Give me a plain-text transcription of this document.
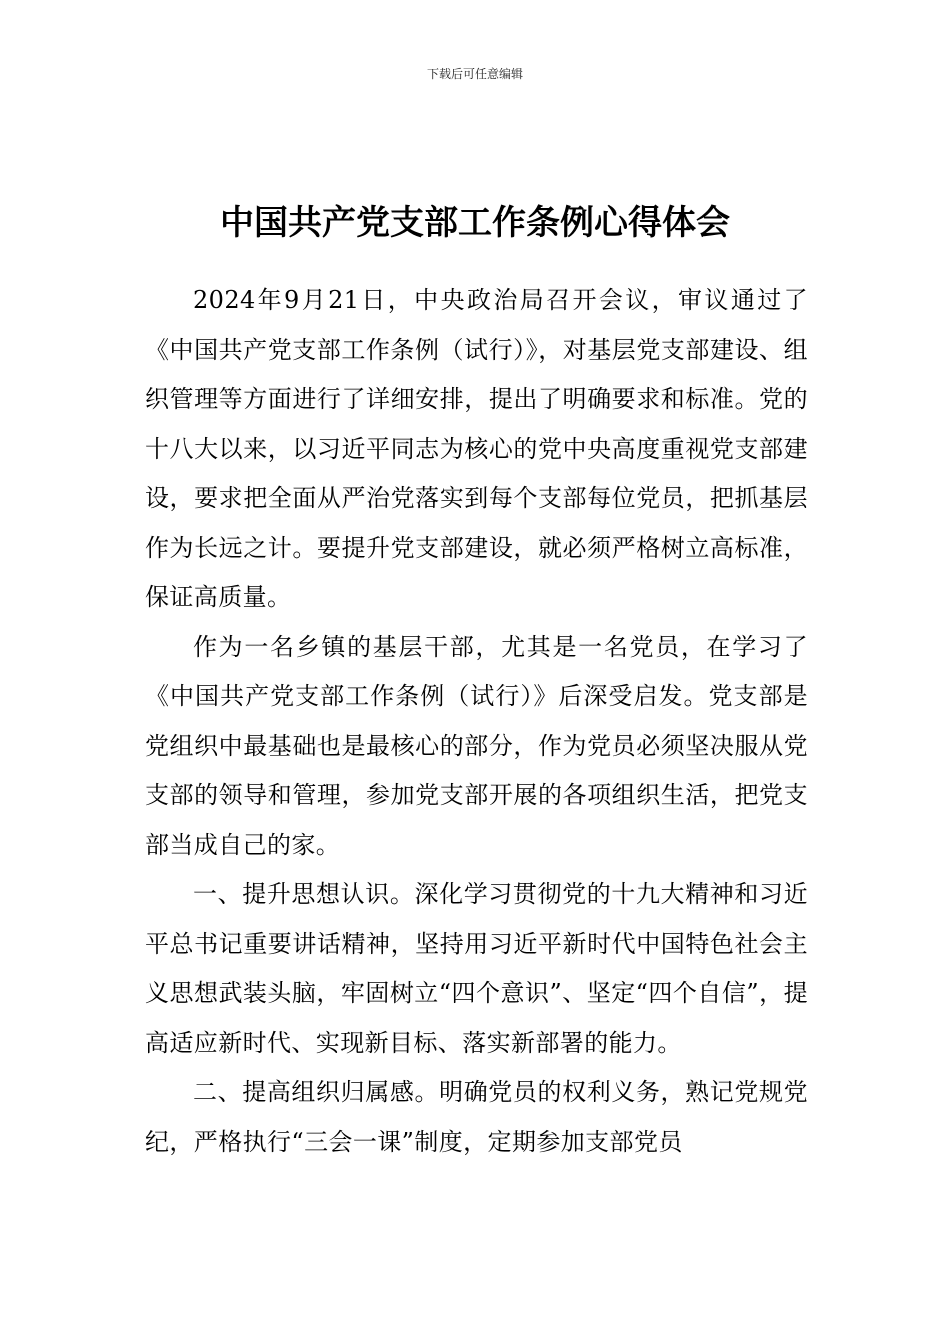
下载后可任意编辑
中国共产党支部工作条例心得体会

2024年9月21日，中央政治局召开会议，审议通过了《中国共产党支部工作条例（试行）》，对基层党支部建设、组织管理等方面进行了详细安排，提出了明确要求和标准。党的十八大以来，以习近平同志为核心的党中央高度重视党支部建设，要求把全面从严治党落实到每个支部每位党员，把抓基层作为长远之计。要提升党支部建设，就必须严格树立高标准，保证高质量。

作为一名乡镇的基层干部，尤其是一名党员，在学习了《中国共产党支部工作条例（试行）》后深受启发。党支部是党组织中最基础也是最核心的部分，作为党员必须坚决服从党支部的领导和管理，参加党支部开展的各项组织生活，把党支部当成自己的家。

一、提升思想认识。深化学习贯彻党的十九大精神和习近平总书记重要讲话精神，坚持用习近平新时代中国特色社会主义思想武装头脑，牢固树立“四个意识”、坚定“四个自信”，提高适应新时代、实现新目标、落实新部署的能力。

二、提高组织归属感。明确党员的权利义务，熟记党规党纪，严格执行“三会一课”制度，定期参加支部党员
